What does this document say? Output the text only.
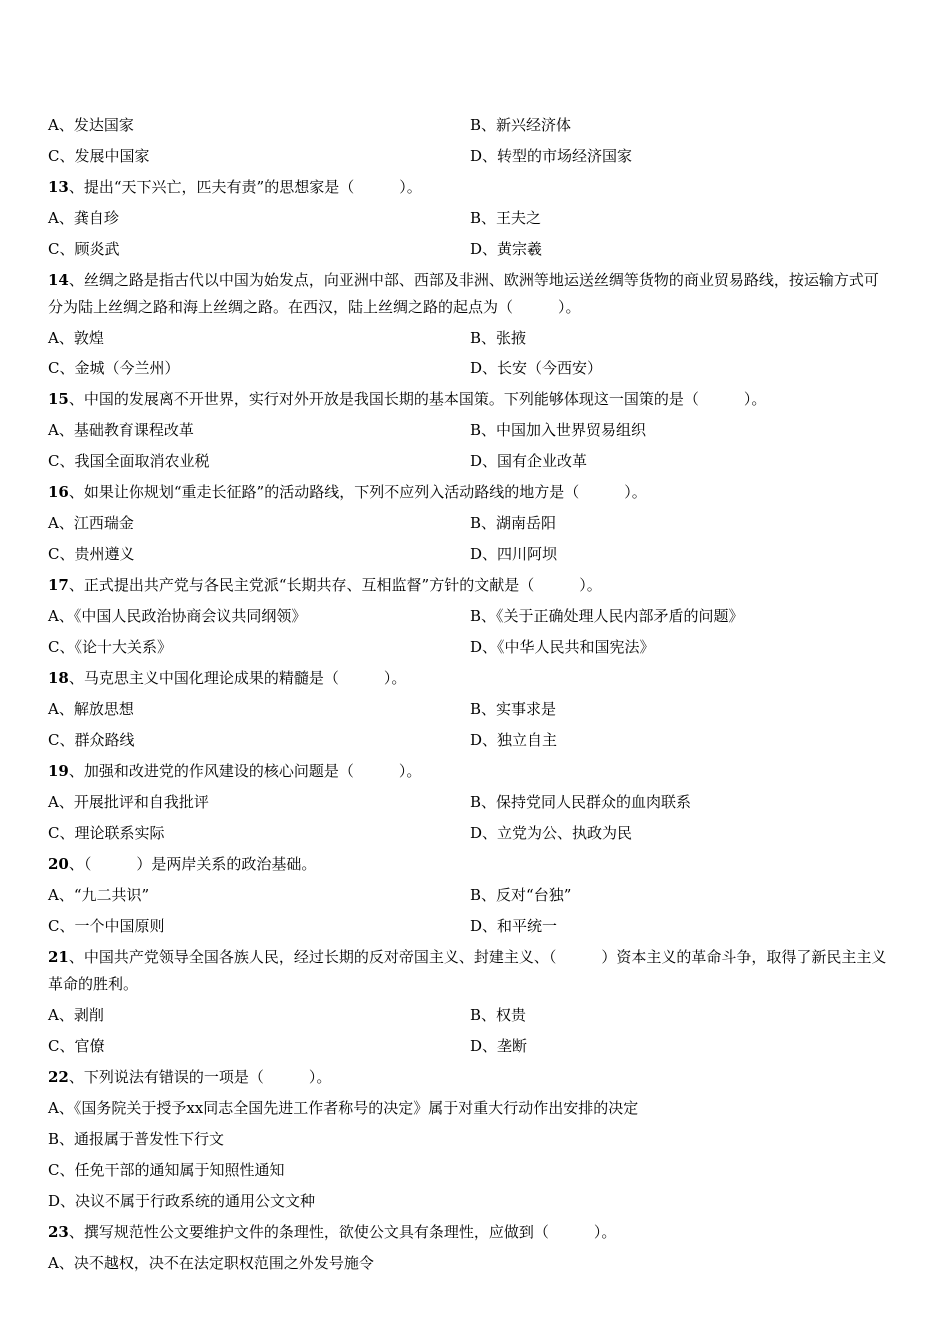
A、发达国家	B、新兴经济体
C、发展中国家	D、转型的市场经济国家
13、提出“天下兴亡，匹夫有责”的思想家是（　　　）。
A、龚自珍	B、王夫之
C、顾炎武	D、黄宗羲
14、丝绸之路是指古代以中国为始发点，向亚洲中部、西部及非洲、欧洲等地运送丝绸等货物的商业贸易路线，按运输方式可分为陆上丝绸之路和海上丝绸之路。在西汉，陆上丝绸之路的起点为（　　　）。
A、敦煌	B、张掖
C、金城（今兰州）	D、长安（今西安）
15、中国的发展离不开世界，实行对外开放是我国长期的基本国策。下列能够体现这一国策的是（　　　）。
A、基础教育课程改革	B、中国加入世界贸易组织
C、我国全面取消农业税	D、国有企业改革
16、如果让你规划“重走长征路”的活动路线，下列不应列入活动路线的地方是（　　　）。
A、江西瑞金	B、湖南岳阳
C、贵州遵义	D、四川阿坝
17、正式提出共产党与各民主党派“长期共存、互相监督”方针的文献是（　　　）。
A、《中国人民政治协商会议共同纲领》	B、《关于正确处理人民内部矛盾的问题》
C、《论十大关系》	D、《中华人民共和国宪法》
18、马克思主义中国化理论成果的精髓是（　　　）。
A、解放思想	B、实事求是
C、群众路线	D、独立自主
19、加强和改进党的作风建设的核心问题是（　　　）。
A、开展批评和自我批评	B、保持党同人民群众的血肉联系
C、理论联系实际	D、立党为公、执政为民
20、（　　　）是两岸关系的政治基础。
A、“九二共识”	B、反对“台独”
C、一个中国原则	D、和平统一
21、中国共产党领导全国各族人民，经过长期的反对帝国主义、封建主义、（　　　）资本主义的革命斗争，取得了新民主主义革命的胜利。
A、剥削	B、权贵
C、官僚	D、垄断
22、下列说法有错误的一项是（　　　）。
A、《国务院关于授予xx同志全国先进工作者称号的决定》属于对重大行动作出安排的决定
B、通报属于普发性下行文
C、任免干部的通知属于知照性通知
D、决议不属于行政系统的通用公文文种
23、撰写规范性公文要维护文件的条理性，欲使公文具有条理性，应做到（　　　）。
A、决不越权，决不在法定职权范围之外发号施令
